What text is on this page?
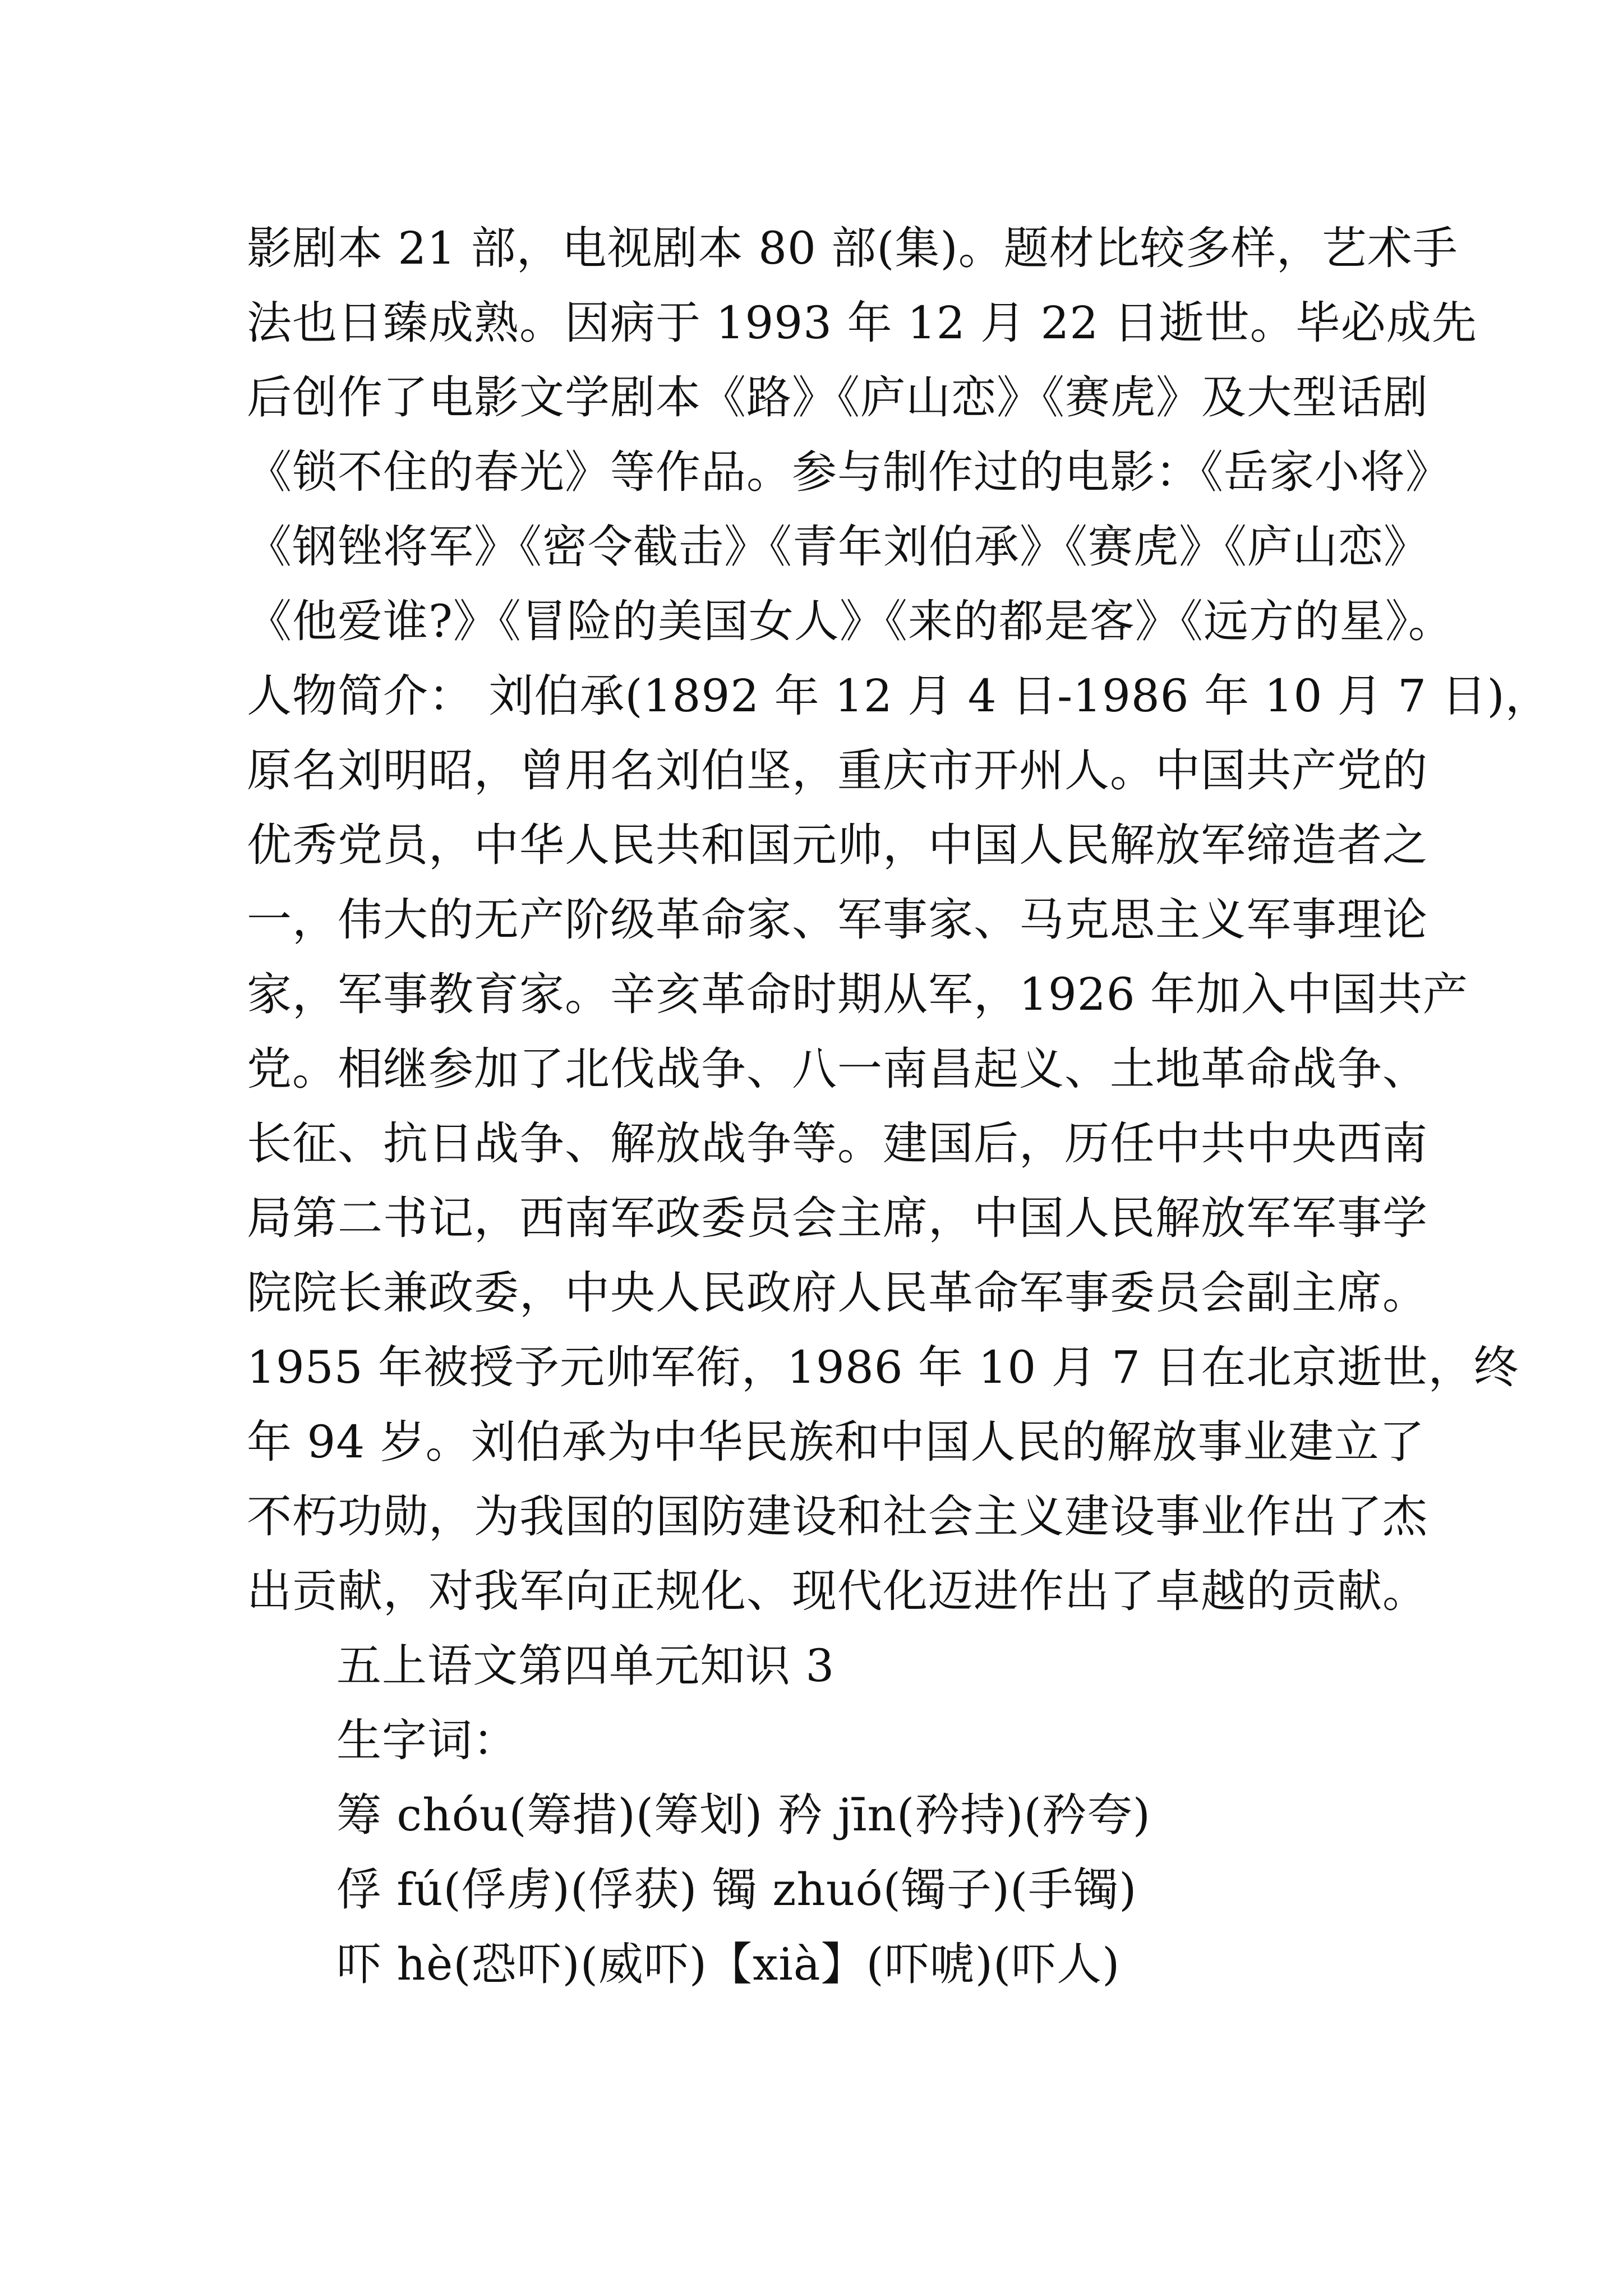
影剧本 21 部，电视剧本 80 部(集)。题材比较多样，艺术手
法也日臻成熟。因病于 1993 年 12 月 22 日逝世。毕必成先
后创作了电影文学剧本《路》《庐山恋》《赛虎》及大型话剧
《锁不住的春光》等作品。参与制作过的电影：《岳家小将》
《钢锉将军》《密令截击》《青年刘伯承》《赛虎》《庐山恋》
《他爱谁?》《冒险的美国女人》《来的都是客》《远方的星》。
人物简介： 刘伯承(1892 年 12 月 4 日-1986 年 10 月 7 日)，
原名刘明昭，曾用名刘伯坚，重庆市开州人。中国共产党的
优秀党员，中华人民共和国元帅，中国人民解放军缔造者之
一，伟大的无产阶级革命家、军事家、马克思主义军事理论
家，军事教育家。辛亥革命时期从军，1926 年加入中国共产
党。相继参加了北伐战争、八一南昌起义、土地革命战争、
长征、抗日战争、解放战争等。建国后，历任中共中央西南
局第二书记，西南军政委员会主席，中国人民解放军军事学
院院长兼政委，中央人民政府人民革命军事委员会副主席。
1955 年被授予元帅军衔，1986 年 10 月 7 日在北京逝世，终
年 94 岁。刘伯承为中华民族和中国人民的解放事业建立了
不朽功勋，为我国的国防建设和社会主义建设事业作出了杰
出贡献，对我军向正规化、现代化迈进作出了卓越的贡献。
五上语文第四单元知识 3
生字词：
筹 chóu(筹措)(筹划) 矜 jīn(矜持)(矜夸)
俘 fú(俘虏)(俘获) 镯 zhuó(镯子)(手镯)
吓 hè(恐吓)(威吓)【xià】(吓唬)(吓人)
